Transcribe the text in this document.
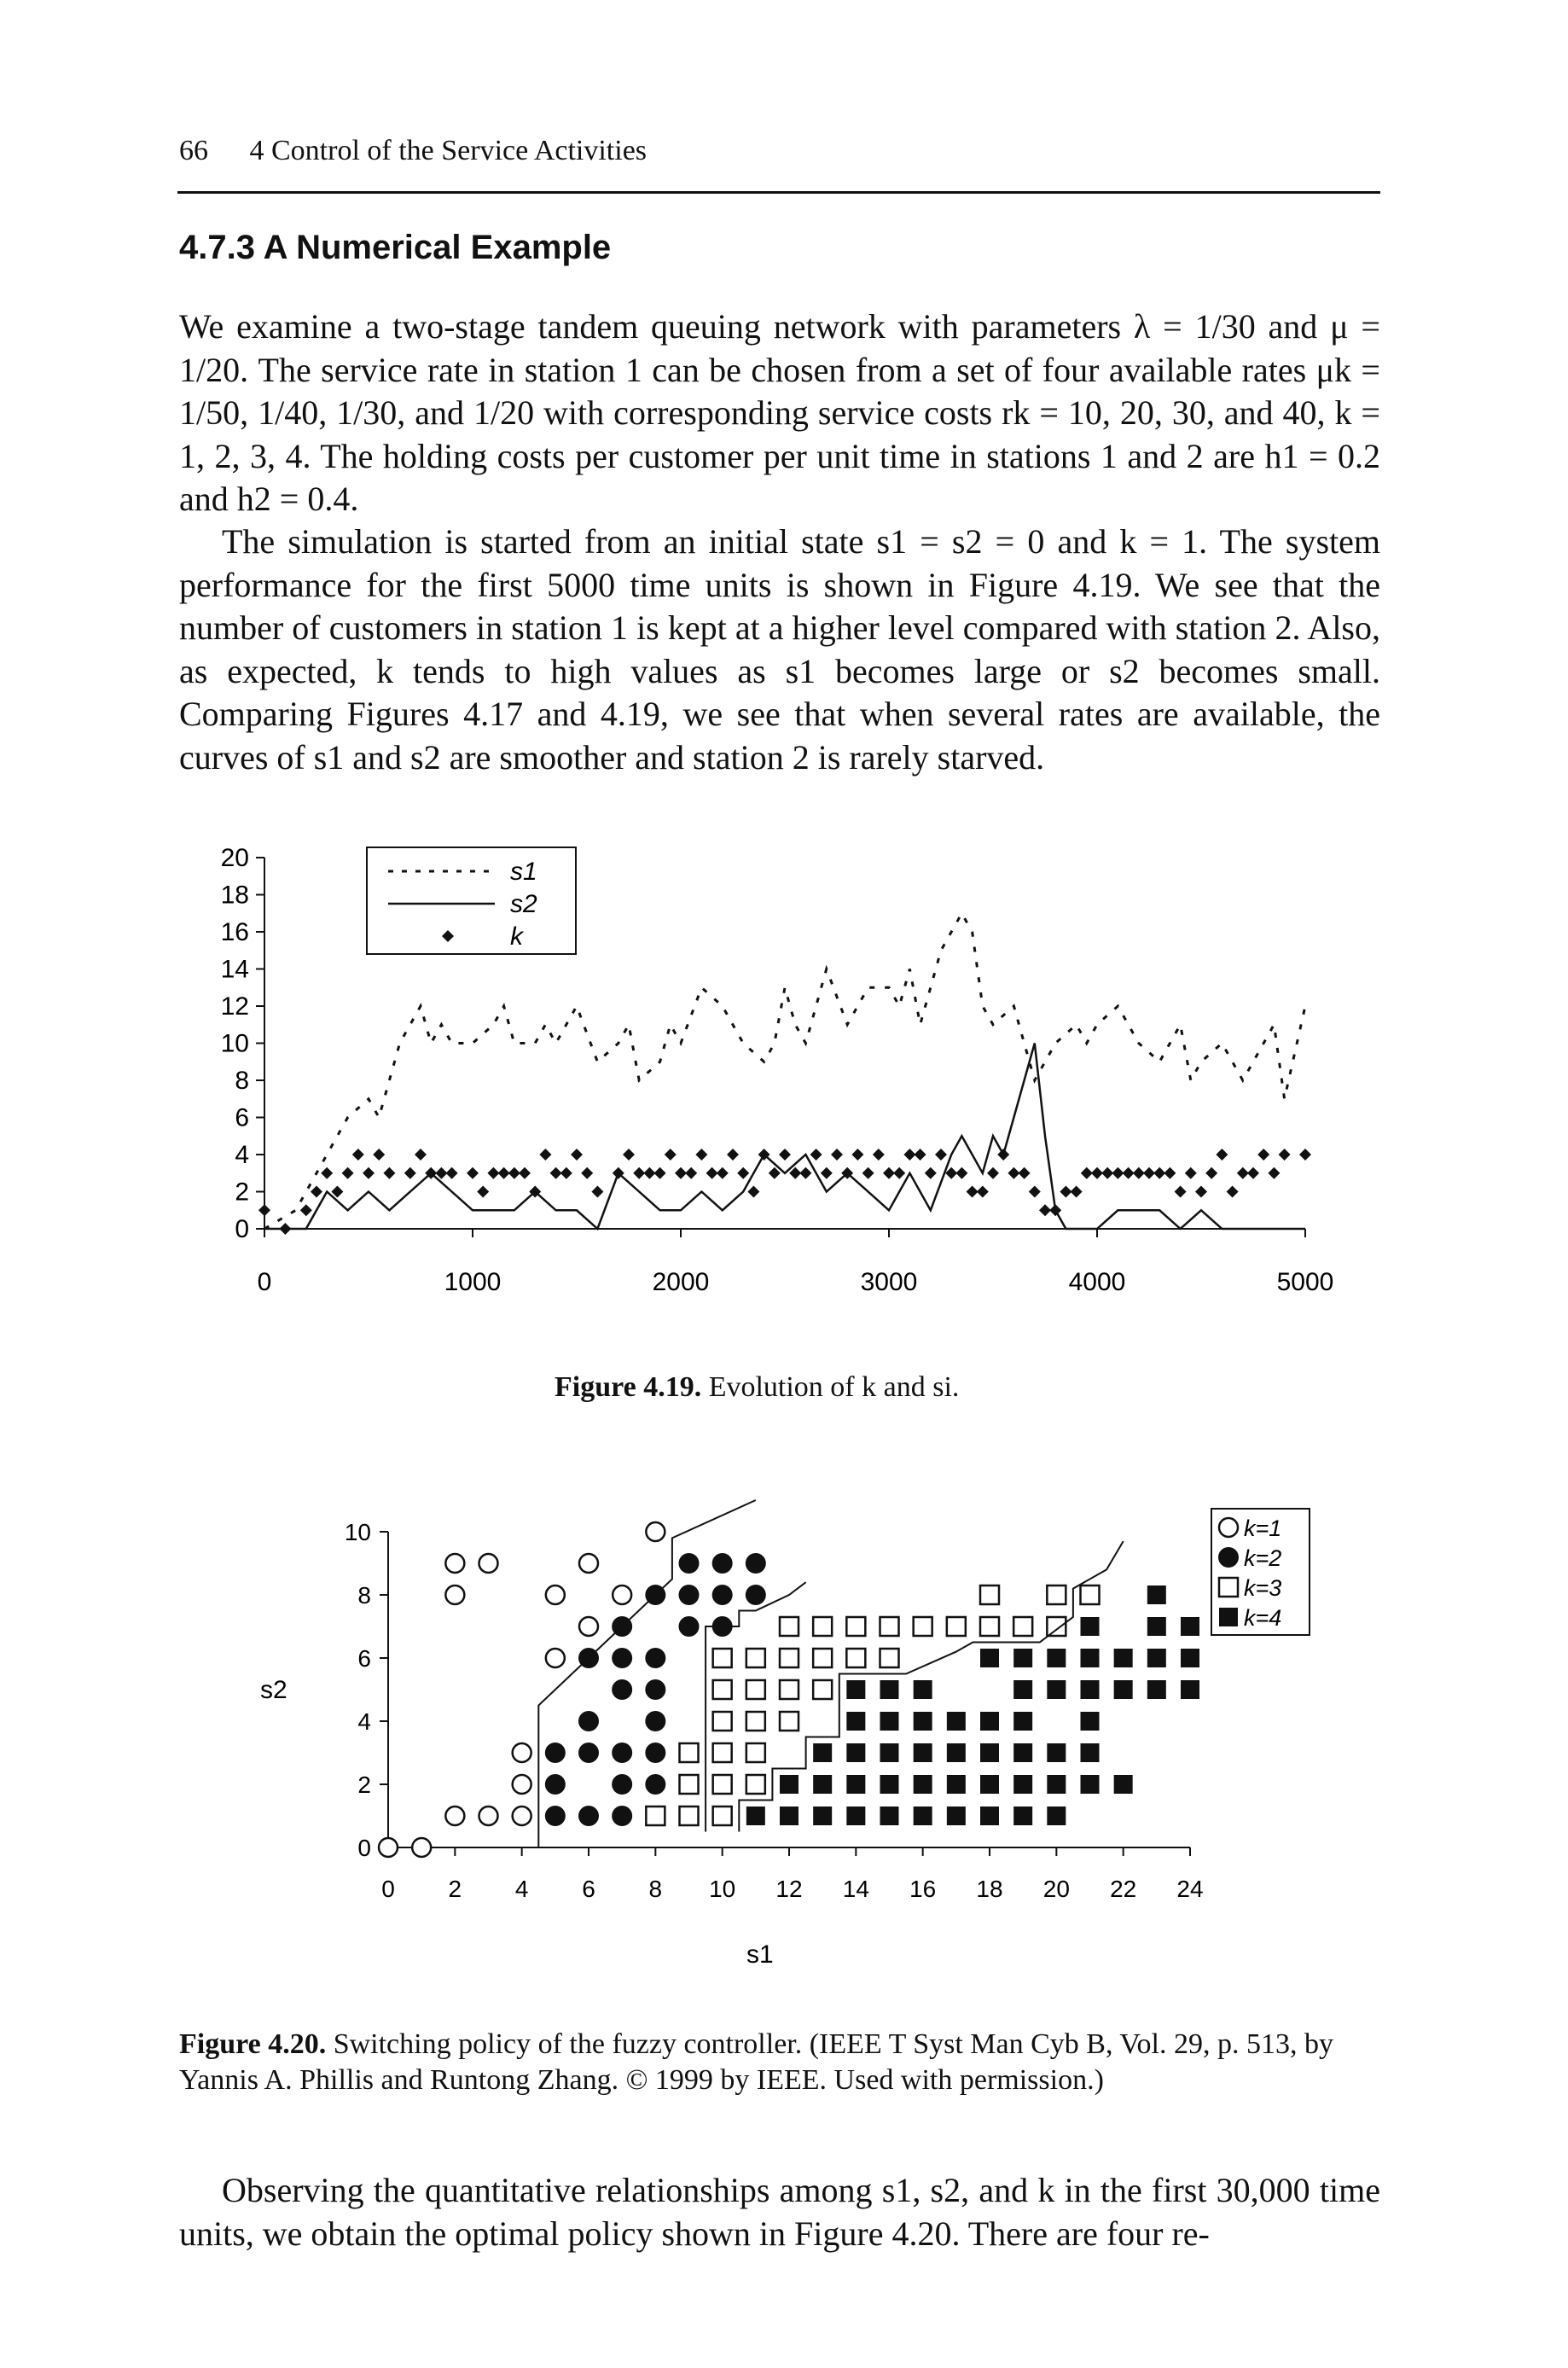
66 4 Control of the Service Activities
4.7.3 A Numerical Example

We examine a two-stage tandem queuing network with parameters λ = 1/30 and μ = 1/20. The service rate in station 1 can be chosen from a set of four available rates μk = 1/50, 1/40, 1/30, and 1/20 with corresponding service costs rk = 10, 20, 30, and 40, k = 1, 2, 3, 4. The holding costs per customer per unit time in stations 1 and 2 are h1 = 0.2 and h2 = 0.4.

The simulation is started from an initial state s1 = s2 = 0 and k = 1. The system performance for the first 5000 time units is shown in Figure 4.19. We see that the number of customers in station 1 is kept at a higher level compared with station 2. Also, as expected, k tends to high values as s1 becomes large or s2 becomes small. Comparing Figures 4.17 and 4.19, we see that when several rates are available, the curves of s1 and s2 are smoother and station 2 is rarely starved.

0
2
4
6
8
10
12
14
16
18
20
0	1000	2000	3000	4000	5000
s1
s2
k
Figure 4.19. Evolution of k and si.
0
2
4
6
8
10
0 2 4 6 8 10 12 14 16 18 20 22 24
s1
s2
k=1
k=2
k=3
k=4
Figure 4.20. Switching policy of the fuzzy controller. (IEEE T Syst Man Cyb B, Vol. 29, p. 513, by Yannis A. Phillis and Runtong Zhang. © 1999 by IEEE. Used with permission.)

Observing the quantitative relationships among s1, s2, and k in the first 30,000 time units, we obtain the optimal policy shown in Figure 4.20. There are four re-
